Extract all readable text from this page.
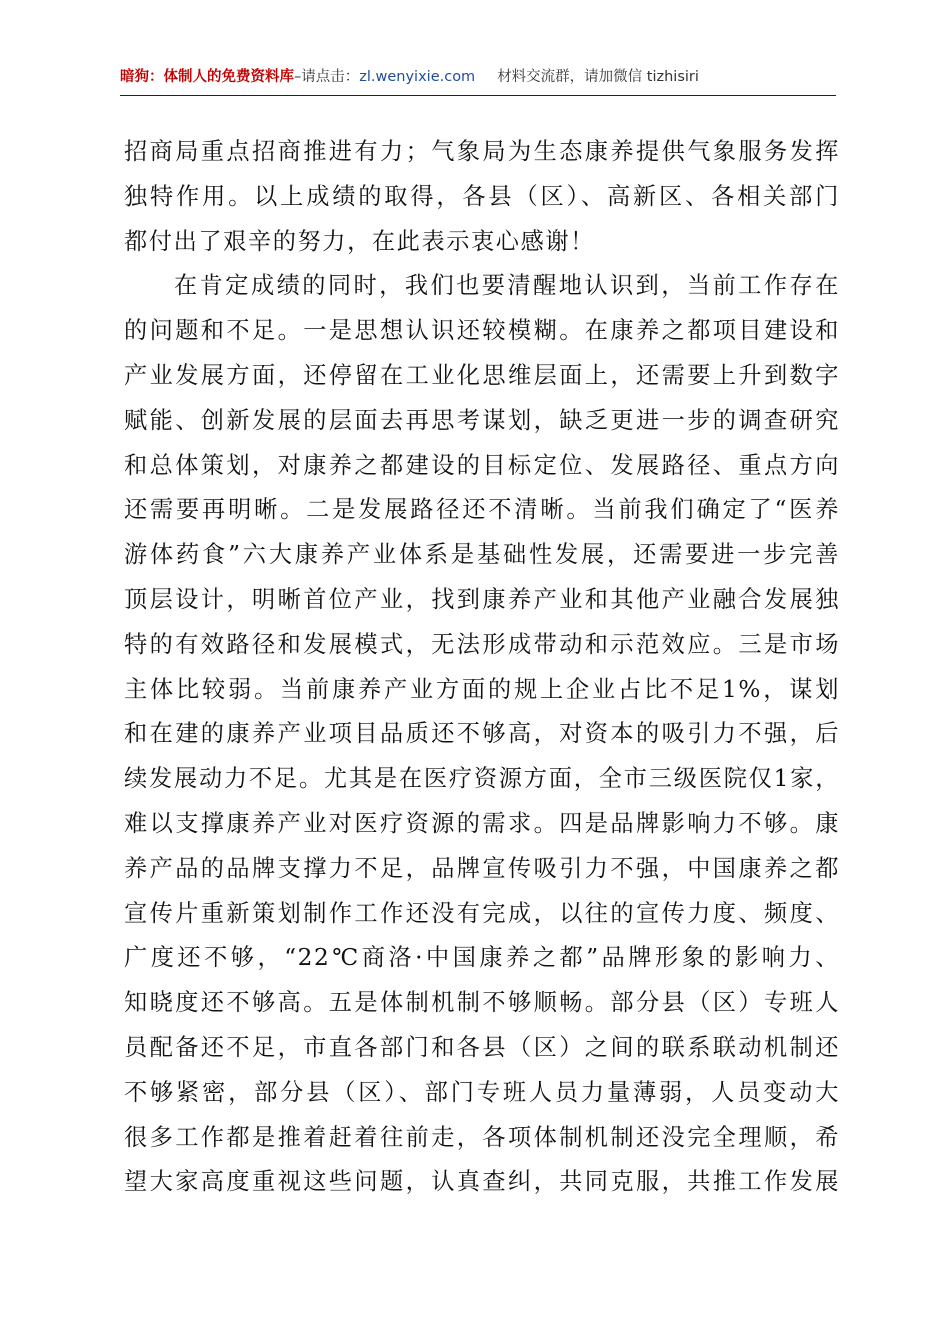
暗狗：体制人的免费资料库–请点击：zl.wenyixie.com 材料交流群，请加微信 tizhisiri

招商局重点招商推进有力；气象局为生态康养提供气象服务发挥
独特作用。以上成绩的取得，各县（区）、高新区、各相关部门
都付出了艰辛的努力，在此表示衷心感谢！

在肯定成绩的同时，我们也要清醒地认识到，当前工作存在
的问题和不足。一是思想认识还较模糊。在康养之都项目建设和
产业发展方面，还停留在工业化思维层面上，还需要上升到数字
赋能、创新发展的层面去再思考谋划，缺乏更进一步的调查研究
和总体策划，对康养之都建设的目标定位、发展路径、重点方向
还需要再明晰。二是发展路径还不清晰。当前我们确定了“医养
游体药食”六大康养产业体系是基础性发展，还需要进一步完善
顶层设计，明晰首位产业，找到康养产业和其他产业融合发展独
特的有效路径和发展模式，无法形成带动和示范效应。三是市场
主体比较弱。当前康养产业方面的规上企业占比不足1%，谋划
和在建的康养产业项目品质还不够高，对资本的吸引力不强，后
续发展动力不足。尤其是在医疗资源方面，全市三级医院仅1家，
难以支撑康养产业对医疗资源的需求。四是品牌影响力不够。康
养产品的品牌支撑力不足，品牌宣传吸引力不强，中国康养之都
宣传片重新策划制作工作还没有完成，以往的宣传力度、频度、
广度还不够，“22℃商洛·中国康养之都”品牌形象的影响力、
知晓度还不够高。五是体制机制不够顺畅。部分县（区）专班人
员配备还不足，市直各部门和各县（区）之间的联系联动机制还
不够紧密，部分县（区）、部门专班人员力量薄弱，人员变动大
很多工作都是推着赶着往前走，各项体制机制还没完全理顺，希
望大家高度重视这些问题，认真查纠，共同克服，共推工作发展
